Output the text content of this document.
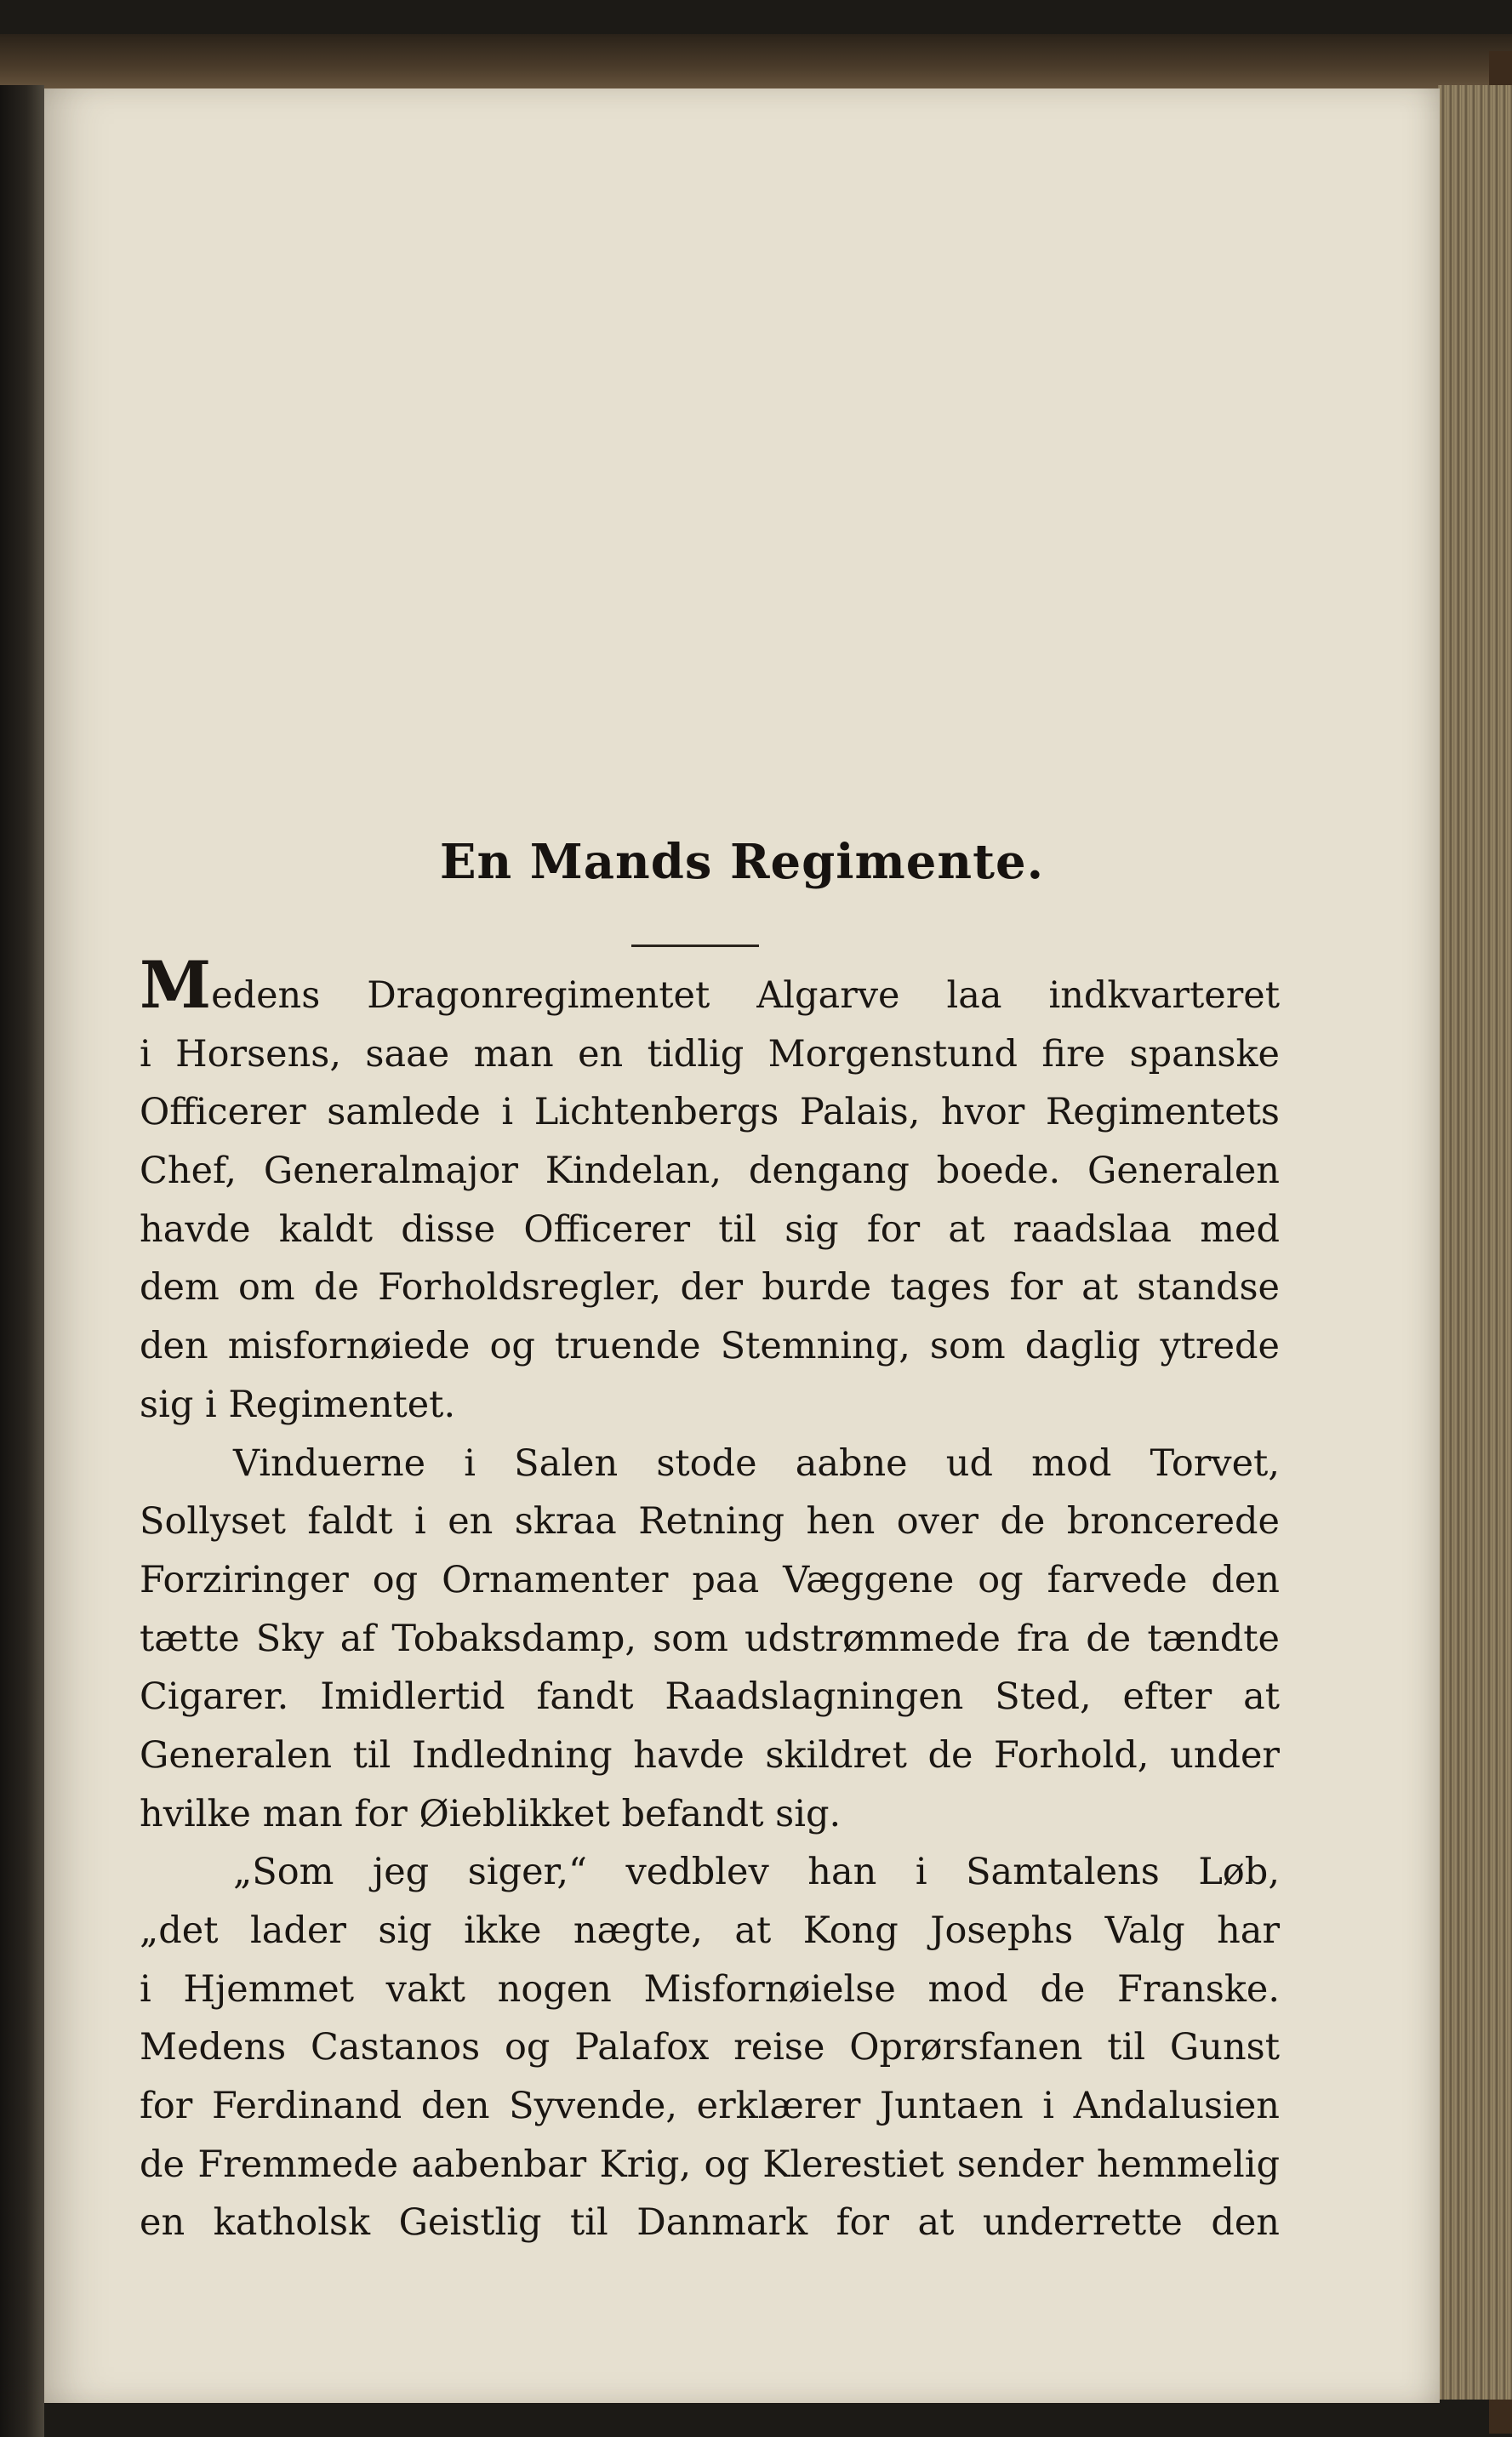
En Mands Regimente.
Medens Dragonregimentet Algarve laa indkvarteret
i Horsens, saae man en tidlig Morgenstund fire spanske
Officerer samlede i Lichtenbergs Palais, hvor Regimentets
Chef, Generalmajor Kindelan, dengang boede. Generalen
havde kaldt disse Officerer til sig for at raadslaa med
dem om de Forholdsregler, der burde tages for at standse
den misfornøiede og truende Stemning, som daglig ytrede
sig i Regimentet.
Vinduerne i Salen stode aabne ud mod Torvet,
Sollyset faldt i en skraa Retning hen over de broncerede
Forziringer og Ornamenter paa Væggene og farvede den
tætte Sky af Tobaksdamp, som udstrømmede fra de tændte
Cigarer. Imidlertid fandt Raadslagningen Sted, efter at
Generalen til Indledning havde skildret de Forhold, under
hvilke man for Øieblikket befandt sig.
„Som jeg siger,“ vedblev han i Samtalens Løb,
„det lader sig ikke nægte, at Kong Josephs Valg har
i Hjemmet vakt nogen Misfornøielse mod de Franske.
Medens Castanos og Palafox reise Oprørsfanen til Gunst
for Ferdinand den Syvende, erklærer Juntaen i Andalusien
de Fremmede aabenbar Krig, og Klerestiet sender hemmelig
en katholsk Geistlig til Danmark for at underrette den
